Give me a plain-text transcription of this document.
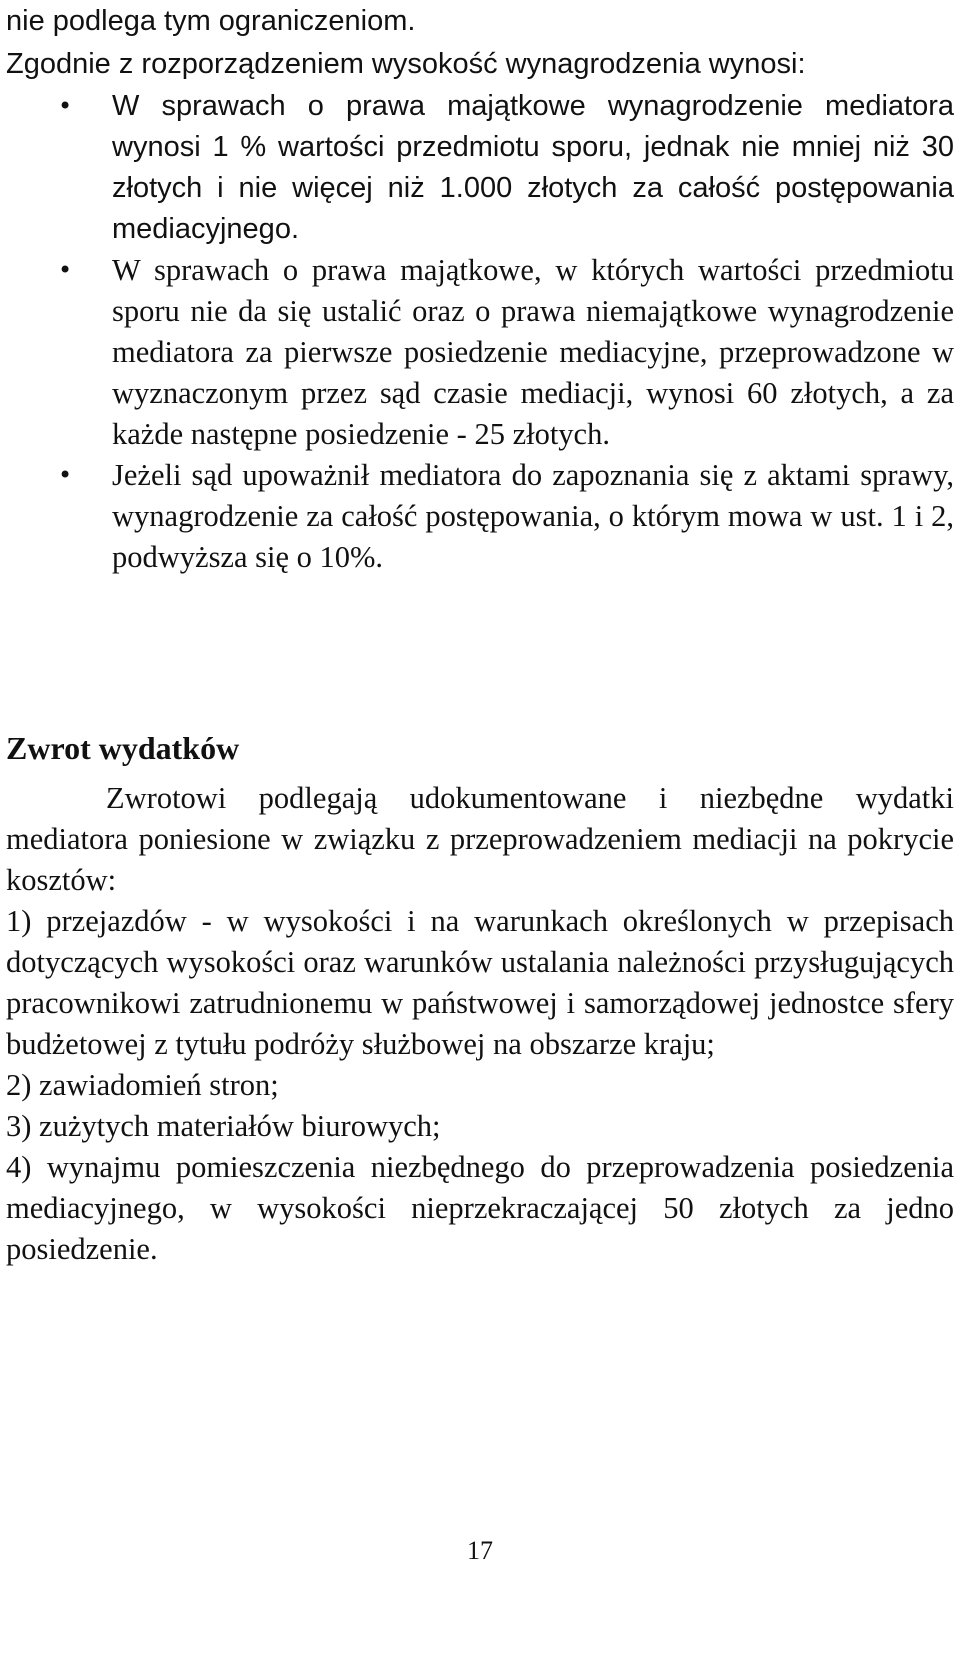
nie podlega tym ograniczeniom.
Zgodnie z rozporządzeniem wysokość wynagrodzenia wynosi:
• W sprawach o prawa majątkowe wynagrodzenie mediatora wynosi 1 % wartości przedmiotu sporu, jednak nie mniej niż 30 złotych i nie więcej niż 1.000 złotych za całość postępowania mediacyjnego.
• W sprawach o prawa majątkowe, w których wartości przedmiotu sporu nie da się ustalić oraz o prawa niemajątkowe wynagrodzenie mediatora za pierwsze posiedzenie mediacyjne, przeprowadzone w wyznaczonym przez sąd czasie mediacji, wynosi 60 złotych, a za każde następne posiedzenie - 25 złotych.
• Jeżeli sąd upoważnił mediatora do zapoznania się z aktami sprawy, wynagrodzenie za całość postępowania, o którym mowa w ust. 1 i 2, podwyższa się o 10%.
Zwrot wydatków
Zwrotowi podlegają udokumentowane i niezbędne wydatki mediatora poniesione w związku z przeprowadzeniem mediacji na pokrycie kosztów:
1) przejazdów - w wysokości i na warunkach określonych w przepisach dotyczących wysokości oraz warunków ustalania należności przysługujących pracownikowi zatrudnionemu w państwowej i samorządowej jednostce sfery budżetowej z tytułu podróży służbowej na obszarze kraju;
2) zawiadomień stron;
3) zużytych materiałów biurowych;
4) wynajmu pomieszczenia niezbędnego do przeprowadzenia posiedzenia mediacyjnego, w wysokości nieprzekraczającej 50 złotych za jedno posiedzenie.
17
